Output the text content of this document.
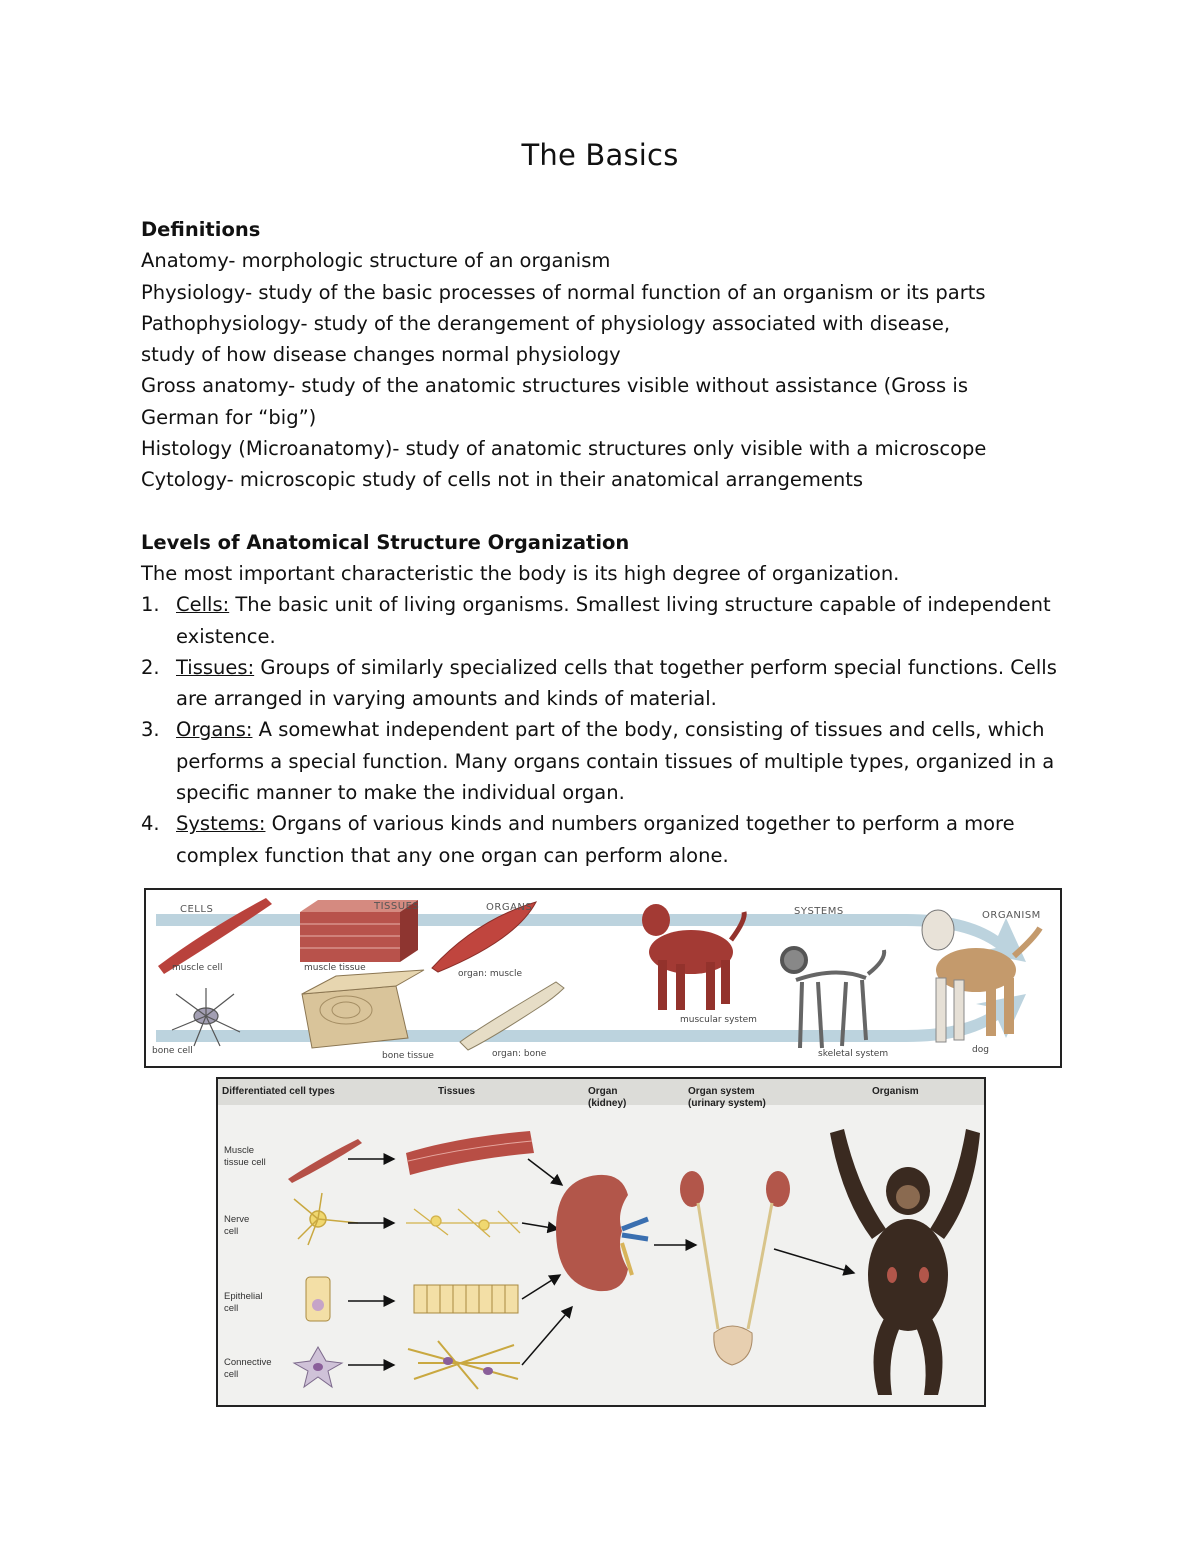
The Basics

Definitions

Anatomy- morphologic structure of an organism

Physiology- study of the basic processes of normal function of an organism or its parts

Pathophysiology- study of the derangement of physiology associated with disease,

study of how disease changes normal physiology

Gross anatomy- study of the anatomic structures visible without assistance (Gross is

German for “big”)

Histology (Microanatomy)- study of anatomic structures only visible with a microscope

Cytology- microscopic study of cells not in their anatomical arrangements

Levels of Anatomical Structure Organization

The most important characteristic the body is its high degree of organization.

1. Cells: The basic unit of living organisms. Smallest living structure capable of independent existence.
2. Tissues: Groups of similarly specialized cells that together perform special functions. Cells are arranged in varying amounts and kinds of material.
3. Organs: A somewhat independent part of the body, consisting of tissues and cells, which performs a special function. Many organs contain tissues of multiple types, organized in a specific manner to make the individual organ.
4. Systems: Organs of various kinds and numbers organized together to perform a more complex function that any one organ can perform alone.
CELLS	TISSUES	ORGANS	SYSTEMS	ORGANISM
muscle cell	muscle tissue
organ: muscle
muscular system
bone cell	bone tissue	organ: bone	skeletal system	dog
Differentiated cell types	Tissues	Organ
(kidney)
Organ system
(urinary system)
Organism
Muscle
tissue cell
Nerve
cell
Epithelial
cell
Connective
cell
